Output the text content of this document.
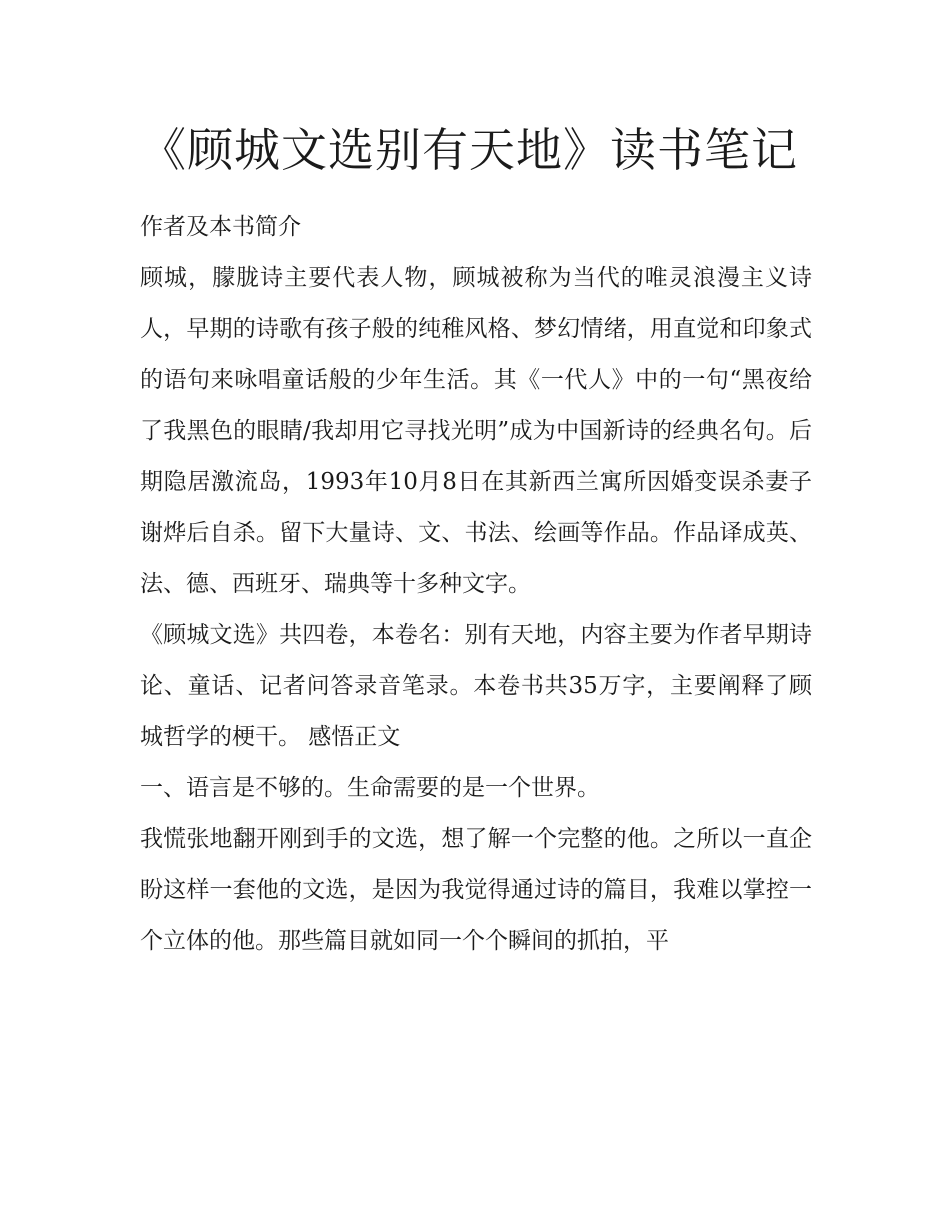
《顾城文选别有天地》读书笔记

作者及本书简介

顾城，朦胧诗主要代表人物，顾城被称为当代的唯灵浪漫主义诗人，早期的诗歌有孩子般的纯稚风格、梦幻情绪，用直觉和印象式的语句来咏唱童话般的少年生活。其《一代人》中的一句“黑夜给了我黑色的眼睛/我却用它寻找光明”成为中国新诗的经典名句。后期隐居激流岛，1993年10月8日在其新西兰寓所因婚变误杀妻子谢烨后自杀。留下大量诗、文、书法、绘画等作品。作品译成英、法、德、西班牙、瑞典等十多种文字。

《顾城文选》共四卷，本卷名：别有天地，内容主要为作者早期诗论、童话、记者问答录音笔录。本卷书共35万字，主要阐释了顾城哲学的梗干。 感悟正文

一、语言是不够的。生命需要的是一个世界。

我慌张地翻开刚到手的文选，想了解一个完整的他。之所以一直企盼这样一套他的文选，是因为我觉得通过诗的篇目，我难以掌控一个立体的他。那些篇目就如同一个个瞬间的抓拍，平
